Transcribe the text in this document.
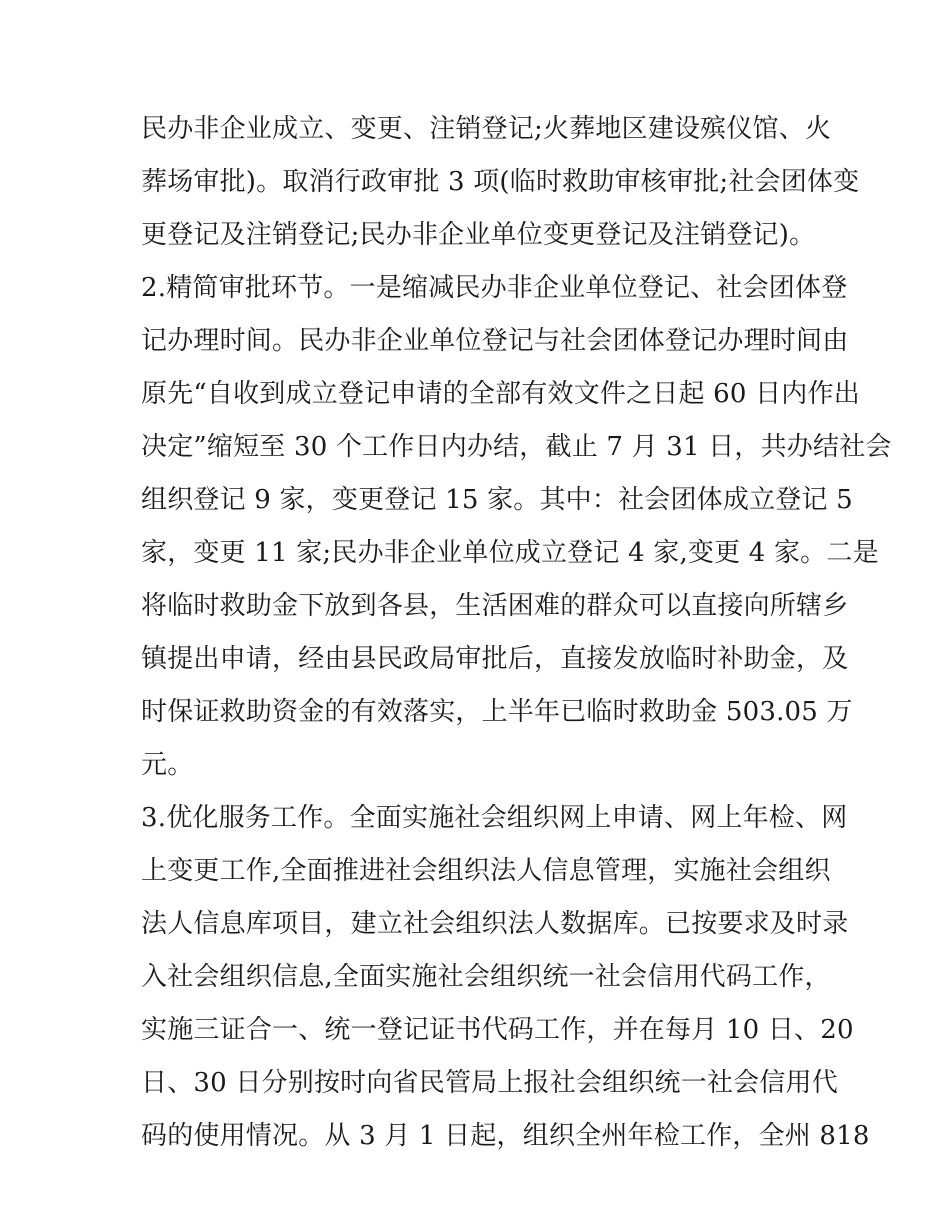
民办非企业成立、变更、注销登记;火葬地区建设殡仪馆、火
葬场审批)。取消行政审批 3 项(临时救助审核审批;社会团体变
更登记及注销登记;民办非企业单位变更登记及注销登记)。
2.精简审批环节。一是缩减民办非企业单位登记、社会团体登
记办理时间。民办非企业单位登记与社会团体登记办理时间由
原先“自收到成立登记申请的全部有效文件之日起 60 日内作出
决定”缩短至 30 个工作日内办结，截止 7 月 31 日，共办结社会
组织登记 9 家，变更登记 15 家。其中：社会团体成立登记 5
家，变更 11 家;民办非企业单位成立登记 4 家,变更 4 家。二是
将临时救助金下放到各县，生活困难的群众可以直接向所辖乡
镇提出申请，经由县民政局审批后，直接发放临时补助金，及
时保证救助资金的有效落实，上半年已临时救助金 503.05 万
元。
3.优化服务工作。全面实施社会组织网上申请、网上年检、网
上变更工作,全面推进社会组织法人信息管理，实施社会组织
法人信息库项目，建立社会组织法人数据库。已按要求及时录
入社会组织信息,全面实施社会组织统一社会信用代码工作，
实施三证合一、统一登记证书代码工作，并在每月 10 日、20
日、30 日分别按时向省民管局上报社会组织统一社会信用代
码的使用情况。从 3 月 1 日起，组织全州年检工作，全州 818
